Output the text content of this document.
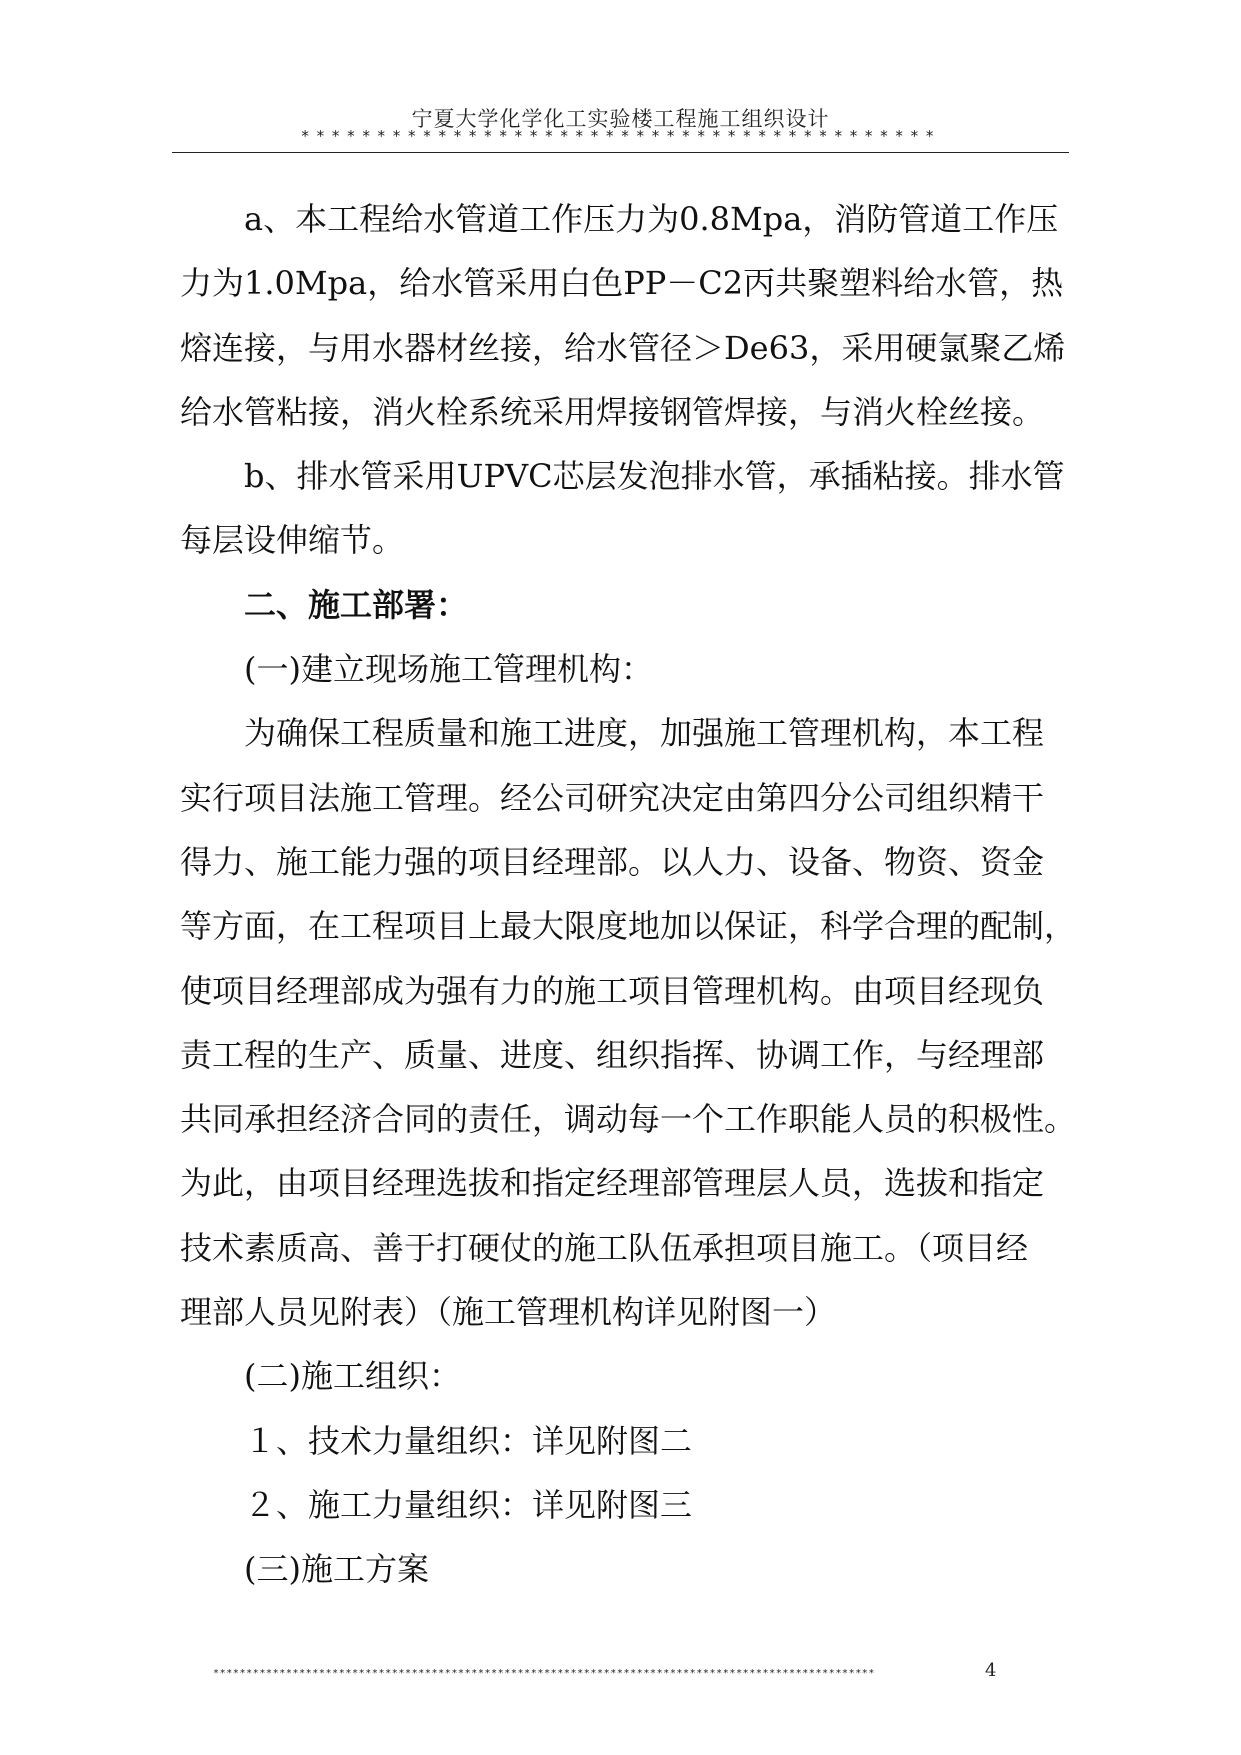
宁夏大学化学化工实验楼工程施工组织设计
******************************************
a、本工程给水管道工作压力为0.8Mpa，消防管道工作压
力为1.0Mpa，给水管采用白色PP－C2丙共聚塑料给水管，热
熔连接，与用水器材丝接，给水管径＞De63，采用硬氯聚乙烯
给水管粘接，消火栓系统采用焊接钢管焊接，与消火栓丝接。
b、排水管采用UPVC芯层发泡排水管，承插粘接。排水管
每层设伸缩节。
二、施工部署：
(一)建立现场施工管理机构：
为确保工程质量和施工进度，加强施工管理机构，本工程
实行项目法施工管理。经公司研究决定由第四分公司组织精干
得力、施工能力强的项目经理部。以人力、设备、物资、资金
等方面，在工程项目上最大限度地加以保证，科学合理的配制，
使项目经理部成为强有力的施工项目管理机构。由项目经现负
责工程的生产、质量、进度、组织指挥、协调工作，与经理部
共同承担经济合同的责任，调动每一个工作职能人员的积极性。
为此，由项目经理选拔和指定经理部管理层人员，选拔和指定
技术素质高、善于打硬仗的施工队伍承担项目施工。（项目经
理部人员见附表）（施工管理机构详见附图一）
(二)施工组织：
１、技术力量组织：详见附图二
２、施工力量组织：详见附图三
(三)施工方案
****************************************************************************************************	4
